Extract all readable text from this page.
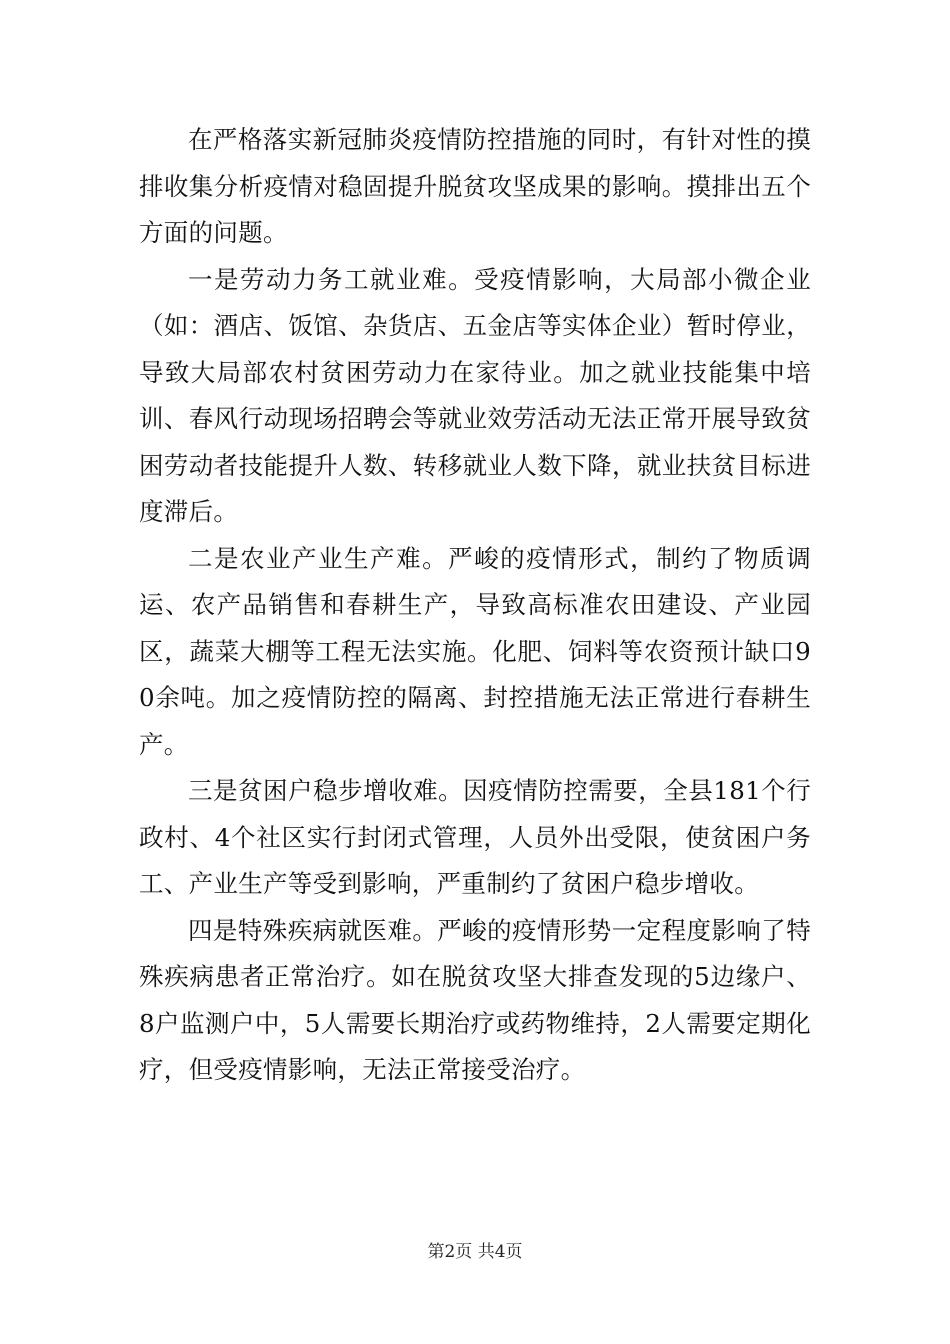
在严格落实新冠肺炎疫情防控措施的同时，有针对性的摸排收集分析疫情对稳固提升脱贫攻坚成果的影响。摸排出五个方面的问题。

一是劳动力务工就业难。受疫情影响，大局部小微企业（如：酒店、饭馆、杂货店、五金店等实体企业）暂时停业，导致大局部农村贫困劳动力在家待业。加之就业技能集中培训、春风行动现场招聘会等就业效劳活动无法正常开展导致贫困劳动者技能提升人数、转移就业人数下降，就业扶贫目标进度滞后。

二是农业产业生产难。严峻的疫情形式，制约了物质调运、农产品销售和春耕生产，导致高标准农田建设、产业园区，蔬菜大棚等工程无法实施。化肥、饲料等农资预计缺口90余吨。加之疫情防控的隔离、封控措施无法正常进行春耕生产。

三是贫困户稳步增收难。因疫情防控需要，全县181个行政村、4个社区实行封闭式管理，人员外出受限，使贫困户务工、产业生产等受到影响，严重制约了贫困户稳步增收。

四是特殊疾病就医难。严峻的疫情形势一定程度影响了特殊疾病患者正常治疗。如在脱贫攻坚大排查发现的5边缘户、8户监测户中，5人需要长期治疗或药物维持，2人需要定期化疗，但受疫情影响，无法正常接受治疗。

第2页 共4页
